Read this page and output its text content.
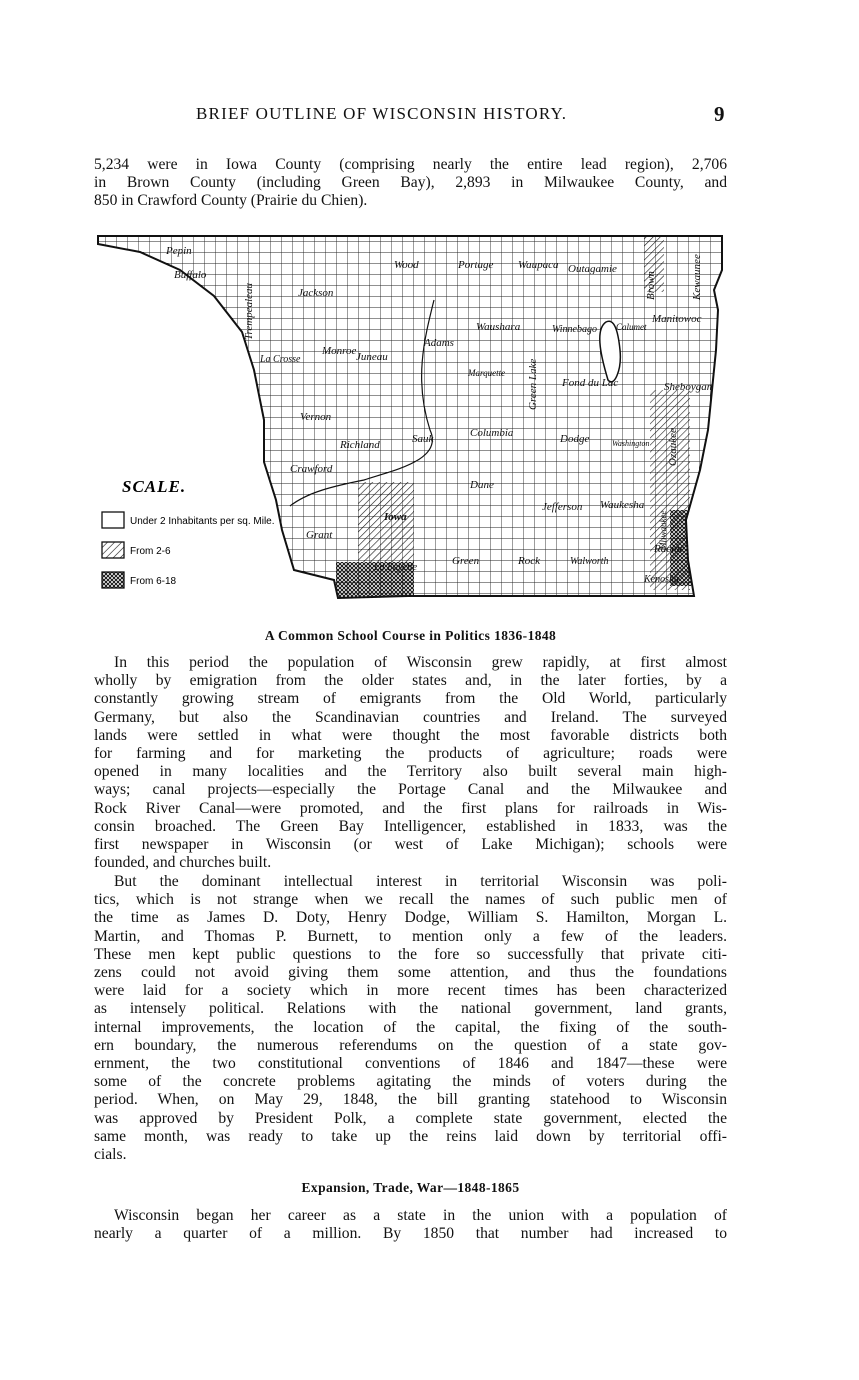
BRIEF OUTLINE OF WISCONSIN HISTORY.	9
5,234 were in Iowa County (comprising nearly the entire lead region), 2,706
in Brown County (including Green Bay), 2,893 in Milwaukee County, and
850 in Crawford County (Prairie du Chien).
Pepin
Buffalo
Trempealeau	Jackson
Wood	Portage Waupaca Outagamie
Brown	Kewaunee
Manitowoc
Calumet
Winnebago
Waushara
Adams
Juneau
Monroe
La Crosse
Marquette Green Lake Fond du Lac	Sheboygan
Vernon
Richland	Sauk	Columbia	Dodge	Washington Ozaukee
Crawford
Dane
Jefferson Waukesha
Milwaukee
Grant
Iowa
La Fayette
Green	Rock	Walworth
Racine
Kenosha
SCALE.
Under 2 Inhabitants per sq. Mile.
From 2-6
From 6-18
A Common School Course in Politics 1836-1848
In this period the population of Wisconsin grew rapidly, at first almost
wholly by emigration from the older states and, in the later forties, by a
constantly growing stream of emigrants from the Old World, particularly
Germany, but also the Scandinavian countries and Ireland. The surveyed
lands were settled in what were thought the most favorable districts both
for farming and for marketing the products of agriculture; roads were
opened in many localities and the Territory also built several main high-
ways; canal projects—especially the Portage Canal and the Milwaukee and
Rock River Canal—were promoted, and the first plans for railroads in Wis-
consin broached. The Green Bay Intelligencer, established in 1833, was the
first newspaper in Wisconsin (or west of Lake Michigan); schools were
founded, and churches built.
But the dominant intellectual interest in territorial Wisconsin was poli-
tics, which is not strange when we recall the names of such public men of
the time as James D. Doty, Henry Dodge, William S. Hamilton, Morgan L.
Martin, and Thomas P. Burnett, to mention only a few of the leaders.
These men kept public questions to the fore so successfully that private citi-
zens could not avoid giving them some attention, and thus the foundations
were laid for a society which in more recent times has been characterized
as intensely political. Relations with the national government, land grants,
internal improvements, the location of the capital, the fixing of the south-
ern boundary, the numerous referendums on the question of a state gov-
ernment, the two constitutional conventions of 1846 and 1847—these were
some of the concrete problems agitating the minds of voters during the
period. When, on May 29, 1848, the bill granting statehood to Wisconsin
was approved by President Polk, a complete state government, elected the
same month, was ready to take up the reins laid down by territorial offi-
cials.
Expansion, Trade, War—1848-1865
Wisconsin began her career as a state in the union with a population of
nearly a quarter of a million. By 1850 that number had increased to
